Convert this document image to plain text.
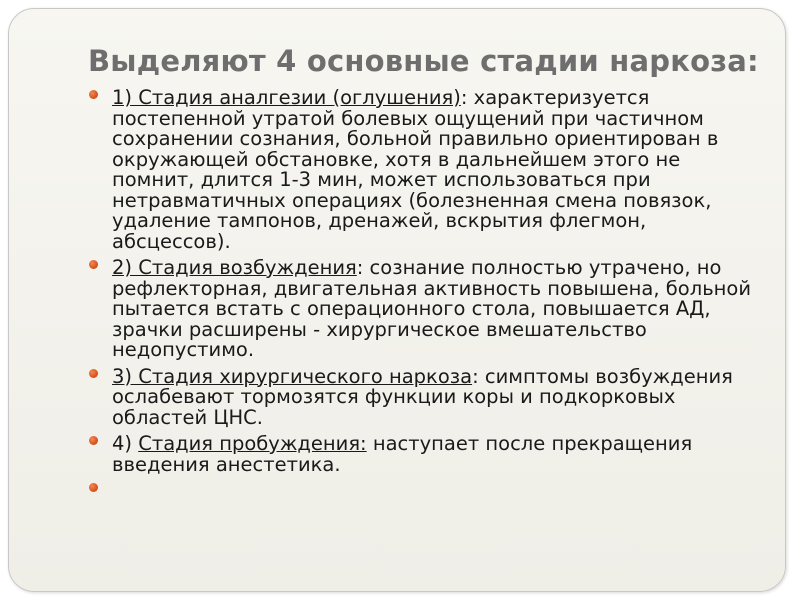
Выделяют 4 основные стадии наркоза:
1) Стадия аналгезии (оглушения): характеризуется постепенной утратой болевых ощущений при частичном сохранении сознания, больной правильно ориентирован в окружающей обстановке, хотя в дальнейшем этого не помнит, длится 1-3 мин, может использоваться при нетравматичных операциях (болезненная смена повязок, удаление тампонов, дренажей, вскрытия флегмон, абсцессов).
2) Стадия возбуждения: сознание полностью утрачено, но рефлекторная, двигательная активность повышена, больной пытается встать с операционного стола, повышается АД, зрачки расширены - хирургическое вмешательство недопустимо.
3) Стадия хирургического наркоза: симптомы возбуждения ослабевают тормозятся функции коры и подкорковых областей ЦНС.
4) Стадия пробуждения: наступает после прекращения введения анестетика.
